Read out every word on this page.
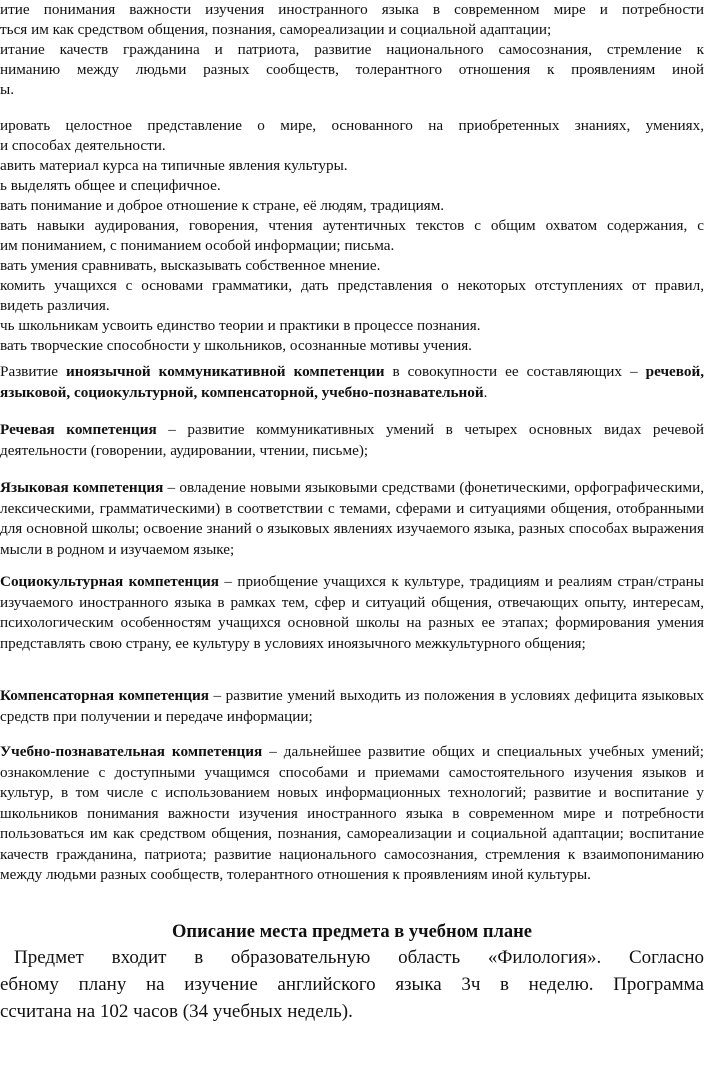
итие понимания важности изучения иностранного языка в современном мире и потребности
ться им как средством общения, познания, самореализации и социальной адаптации;
итание качеств гражданина и патриота, развитие национального самосознания, стремление к
ниманию между людьми разных сообществ, толерантного отношения к проявлениям иной
ы.
ировать целостное представление о мире, основанного на приобретенных знаниях, умениях,
и способах деятельности.
авить материал курса на типичные явления культуры.
ь выделять общее и специфичное.
вать понимание и доброе отношение к стране, её людям, традициям.
вать навыки аудирования, говорения, чтения аутентичных текстов с общим охватом содержания, с
им пониманием, с пониманием особой информации; письма.
вать умения сравнивать, высказывать собственное мнение.
комить учащихся с основами грамматики, дать представления о некоторых отступлениях от правил,
видеть различия.
чь школьникам усвоить единство теории и практики в процессе познания.
вать творческие способности у школьников, осознанные мотивы учения.
Развитие иноязычной коммуникативной компетенции в совокупности ее составляющих – речевой, языковой, социокультурной, компенсаторной, учебно-познавательной.
Речевая компетенция – развитие коммуникативных умений в четырех основных видах речевой деятельности (говорении, аудировании, чтении, письме);
Языковая компетенция – овладение новыми языковыми средствами (фонетическими, орфографическими, лексическими, грамматическими) в соответствии с темами, сферами и ситуациями общения, отобранными для основной школы; освоение знаний о языковых явлениях изучаемого языка, разных способах выражения мысли в родном и изучаемом языке;
Социокультурная компетенция – приобщение учащихся к культуре, традициям и реалиям стран/страны изучаемого иностранного языка в рамках тем, сфер и ситуаций общения, отвечающих опыту, интересам, психологическим особенностям учащихся основной школы на разных ее этапах; формирования умения представлять свою страну, ее культуру в условиях иноязычного межкультурного общения;
Компенсаторная компетенция – развитие умений выходить из положения в условиях дефицита языковых средств при получении и передаче информации;
Учебно-познавательная компетенция – дальнейшее развитие общих и специальных учебных умений; ознакомление с доступными учащимся способами и приемами самостоятельного изучения языков и культур, в том числе с использованием новых информационных технологий; развитие и воспитание у школьников понимания важности изучения иностранного языка в современном мире и потребности пользоваться им как средством общения, познания, самореализации и социальной адаптации; воспитание качеств гражданина, патриота; развитие национального самосознания, стремления к взаимопониманию между людьми разных сообществ, толерантного отношения к проявлениям иной культуры.
Описание места предмета в учебном плане
Предмет входит в образовательную область «Филология». Согласно
ебному плану на изучение английского языка 3ч в неделю. Программа
ссчитана на 102 часов (34 учебных недель).
